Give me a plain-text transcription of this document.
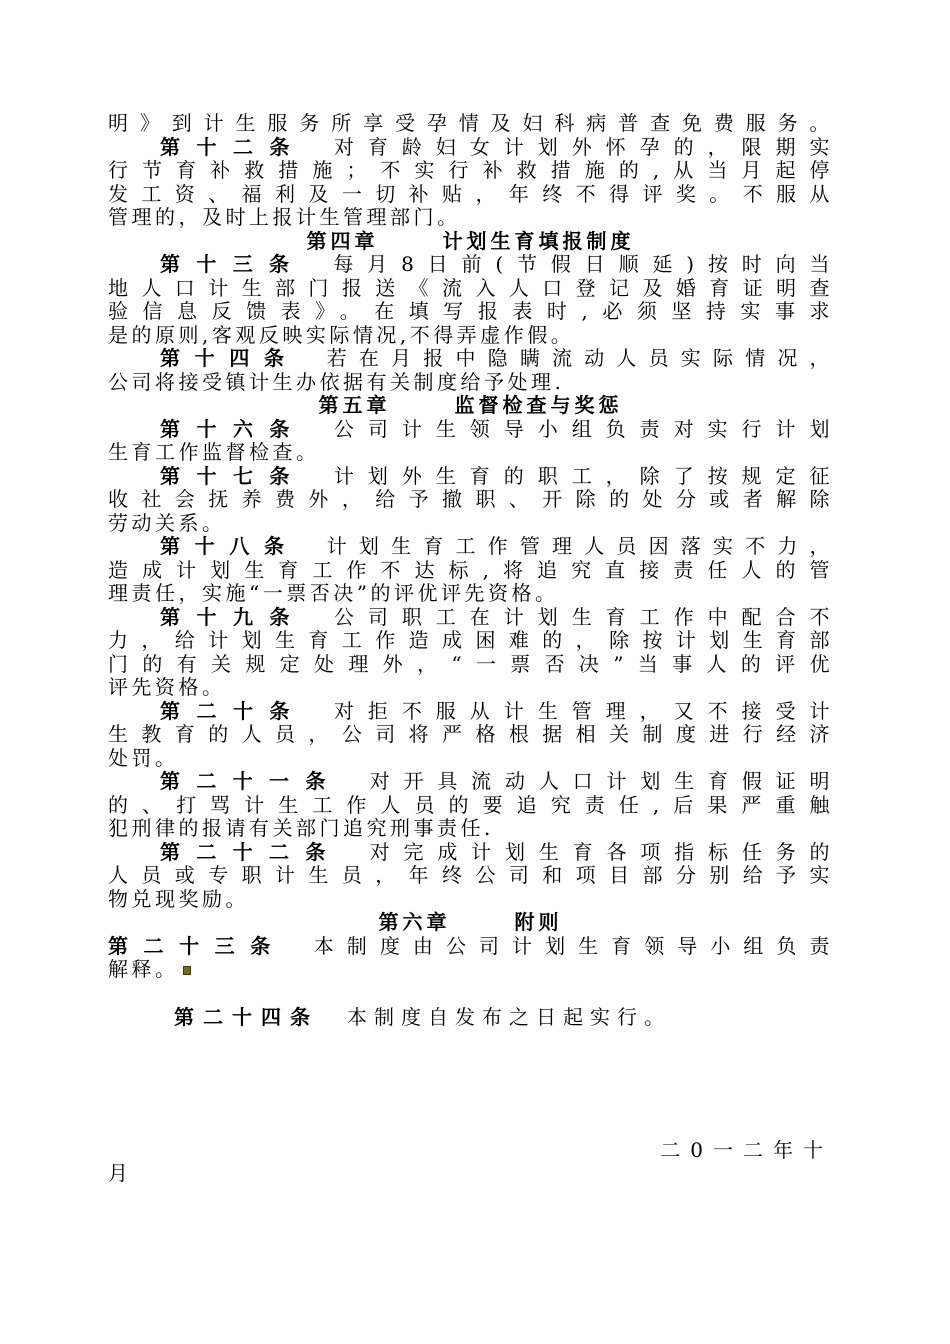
明》到计生服务所享受孕情及妇科病普查免费服务。
第十二条 对育龄妇女计划外怀孕的，限期实
行节育补救措施；不实行补救措施的,从当月起停
发工资、福利及一切补贴，年终不得评奖。不服从
管理的，及时上报计生管理部门。
第四章	计划生育填报制度
第十三条 每月8日前(节假日顺延)按时向当
地人口计生部门报送《流入人口登记及婚育证明查
验信息反馈表》。在填写报表时,必须坚持实事求
是的原则,客观反映实际情况,不得弄虚作假。
第十四条 若在月报中隐瞒流动人员实际情况，
公司将接受镇计生办依据有关制度给予处理.
第五章	监督检查与奖惩
第十六条 公司计生领导小组负责对实行计划
生育工作监督检查。
第十七条 计划外生育的职工，除了按规定征
收社会抚养费外，给予撤职、开除的处分或者解除
劳动关系。
第十八条 计划生育工作管理人员因落实不力，
造成计划生育工作不达标,将追究直接责任人的管
理责任，实施“一票否决”的评优评先资格。
第十九条 公司职工在计划生育工作中配合不
力，给计划生育工作造成困难的，除按计划生育部
门的有关规定处理外，“一票否决”当事人的评优
评先资格。
第二十条 对拒不服从计生管理，又不接受计
生教育的人员，公司将严格根据相关制度进行经济
处罚。
第二十一条 对开具流动人口计划生育假证明
的、打骂计生工作人员的要追究责任,后果严重触
犯刑律的报请有关部门追究刑事责任.
第二十二条 对完成计划生育各项指标任务的
人员或专职计生员，年终公司和项目部分别给予实
物兑现奖励。
第六章	附则
第二十三条 本制度由公司计划生育领导小组负责
解释。
第二十四条 本制度自发布之日起实行。
二0一二年十
月
